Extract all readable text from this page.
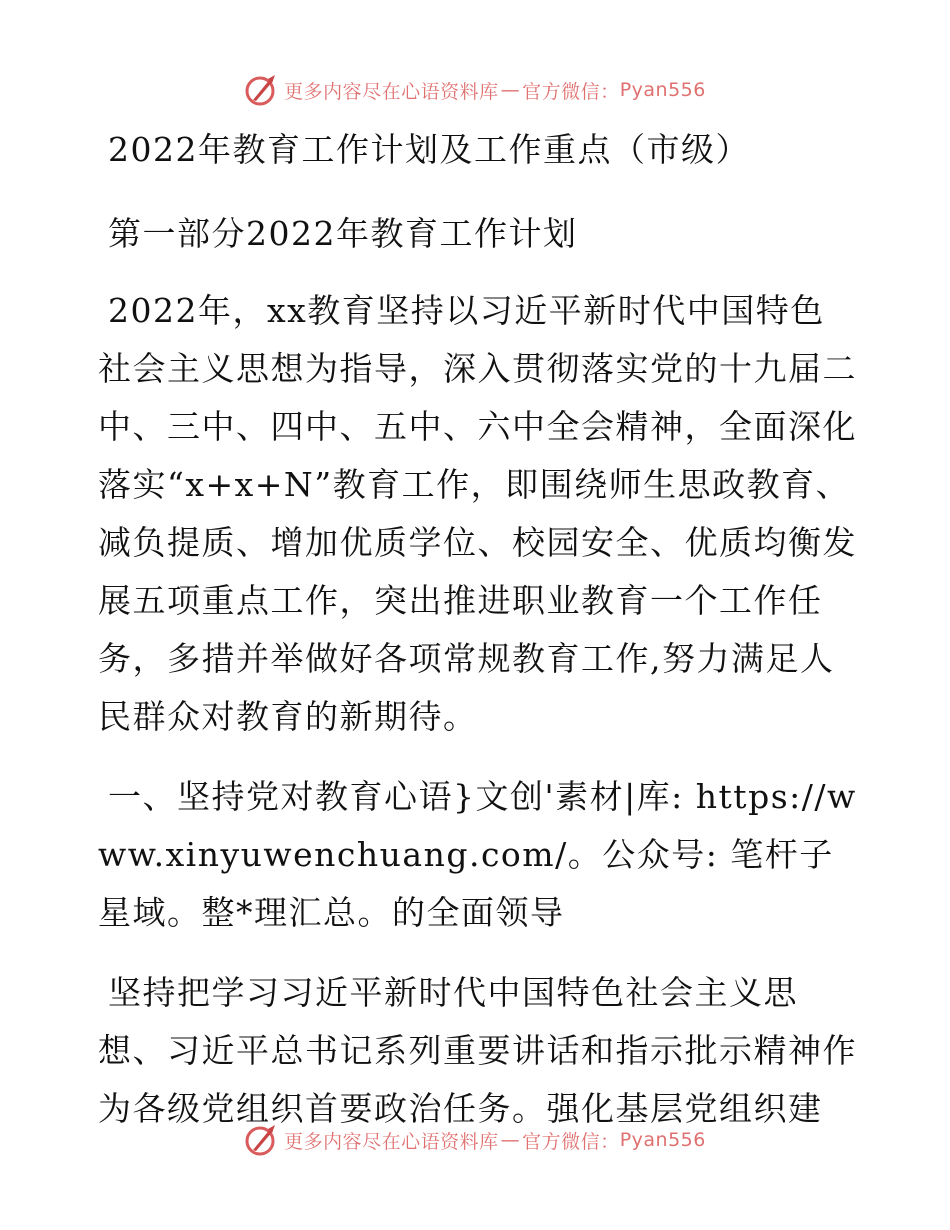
更多内容尽在心语资料库 — 官方微信： Pyan556

2022年教育工作计划及工作重点（市级）

第一部分2022年教育工作计划

2022年，xx教育坚持以习近平新时代中国特色社会主义思想为指导，深入贯彻落实党的十九届二中、三中、四中、五中、六中全会精神，全面深化落实“x+x+N”教育工作，即围绕师生思政教育、减负提质、增加优质学位、校园安全、优质均衡发展五项重点工作，突出推进职业教育一个工作任务，多措并举做好各项常规教育工作,努力满足人民群众对教育的新期待。

一、坚持党对教育心语}文创'素材|库: https://www.xinyuwenchuang.com/。公众号: 笔杆子星域。整*理汇总。的全面领导

坚持把学习习近平新时代中国特色社会主义思想、习近平总书记系列重要讲话和指示批示精神作为各级党组织首要政治任务。强化基层党组织建

更多内容尽在心语资料库 — 官方微信： Pyan556
